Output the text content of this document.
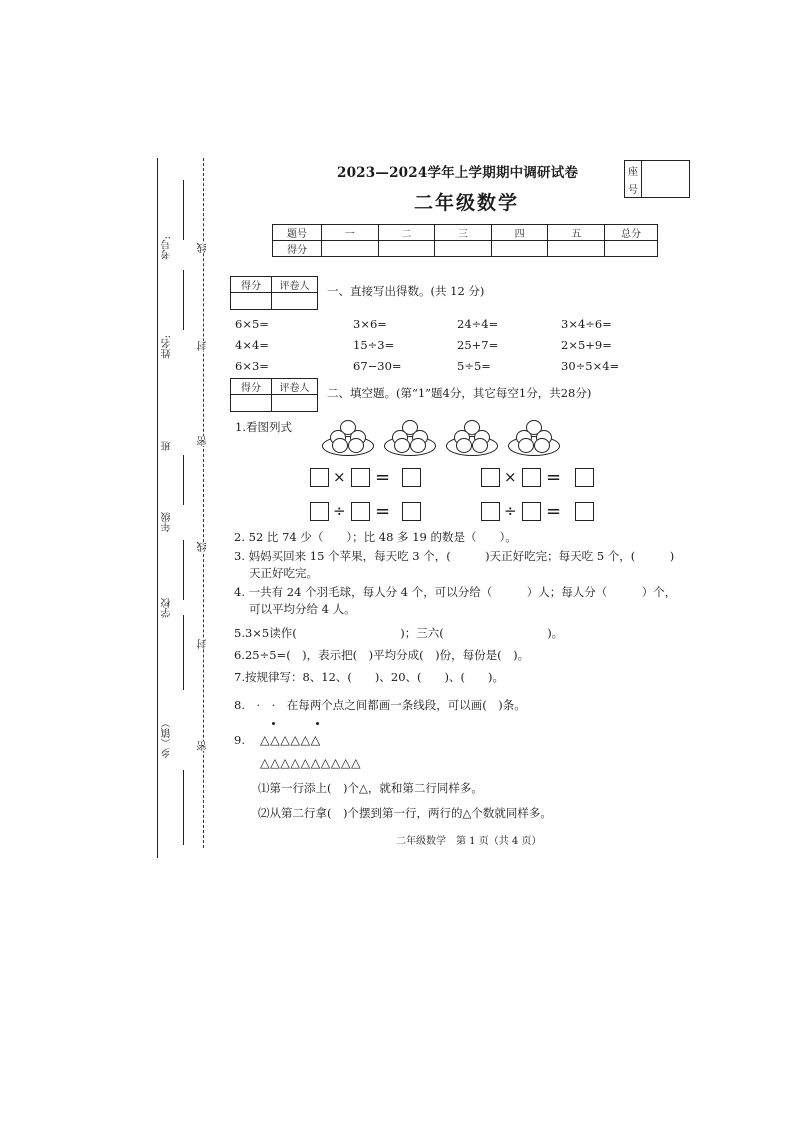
考号:
姓名:
班
年级
学校
乡（镇）
线
封
密
线
封
密
2023—2024学年上学期期中调研试卷
二年级数学
座
号
题号	一	二	三	四	五	总分
得分						
得分	评卷人
	一、直接写出得数。(共 12 分)
6×5=	3×6=	24÷4=	3×4÷6=
4×4=	15÷3=	25+7=	2×5+9=
6×3=	67−30=	5÷5=	30÷5×4=
得分	评卷人
	二、填空题。(第“1”题4分，其它每空1分，共28分)
1.看图列式
× =	× =
÷ =	÷ =
2. 52 比 74 少（　　）；比 48 多 19 的数是（　　）。
3. 妈妈买回来 15 个苹果，每天吃 3 个，(　　　)天正好吃完；每天吃 5 个，(　　　)
天正好吃完。
4. 一共有 24 个羽毛球，每人分 4 个，可以分给（　　　）人；每人分（　　　）个，
可以平均分给 4 人。
5.3×5读作(　　　　　　　　　)；三六(　　　　　　　　　)。
6.25÷5=(　)，表示把(　)平均分成(　)份，每份是(　)。
7.按规律写：8、12、(　　)、20、(　　)、(　　)。
8.　·　·　在每两个点之间都画一条线段，可以画(　)条。
9. △△△△△△
△△△△△△△△△△
⑴第一行添上(　)个△，就和第二行同样多。
⑵从第二行拿(　)个摆到第一行，两行的△个数就同样多。
二年级数学　第 1 页（共 4 页）
